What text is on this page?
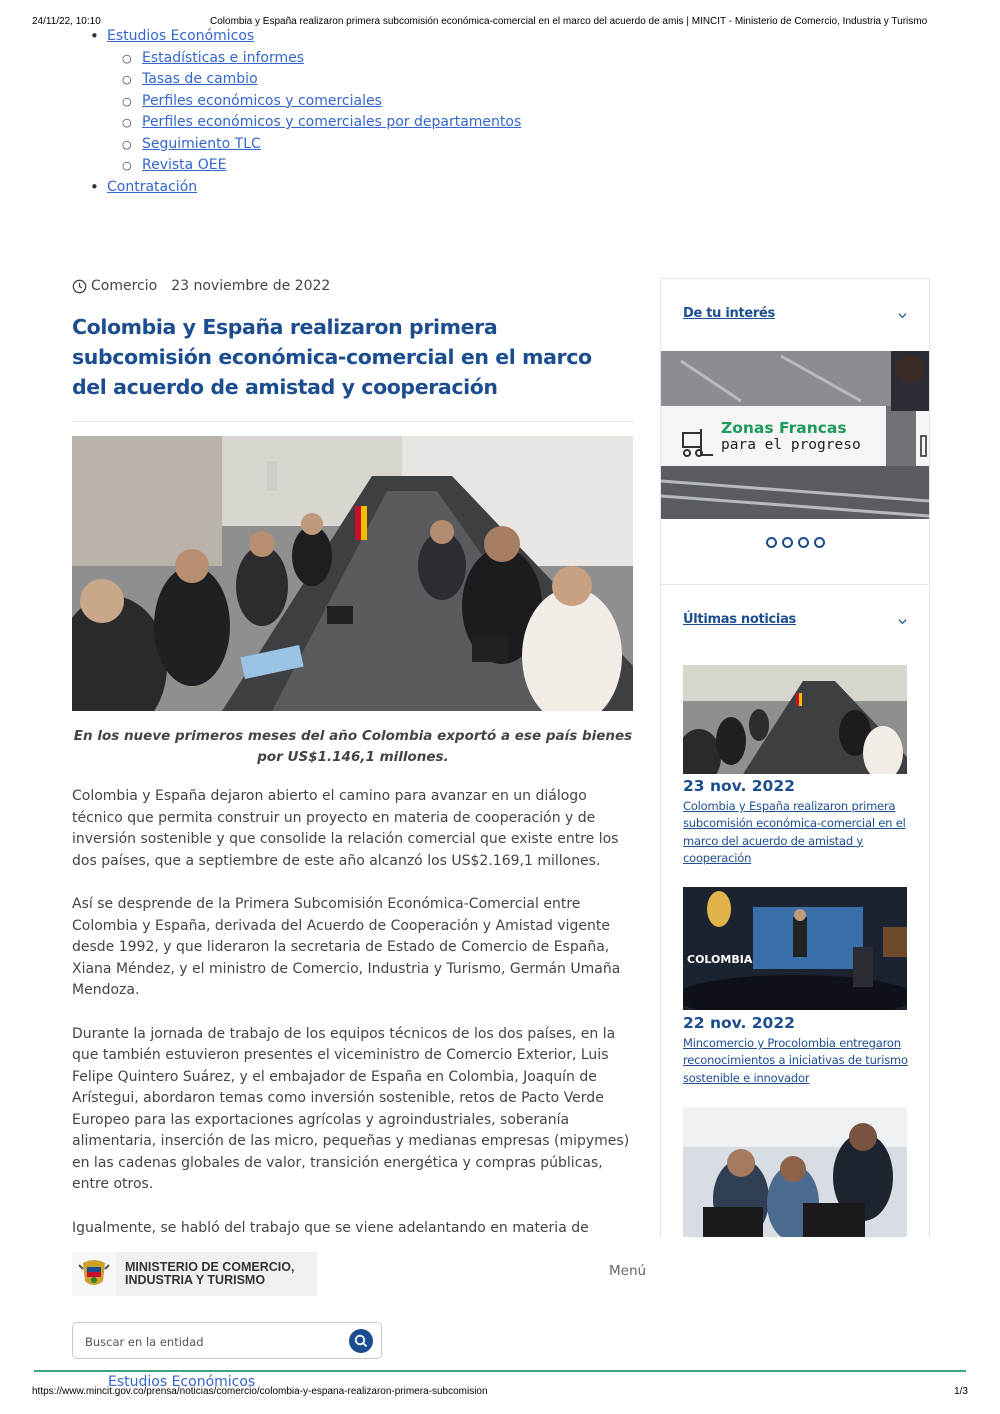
24/11/22, 10:10	Colombia y España realizaron primera subcomisión económica-comercial en el marco del acuerdo de amis | MINCIT - Ministerio de Comercio, Industria y Turismo
• Estudios Económicos
○ Estadísticas e informes
○ Tasas de cambio
○ Perfiles económicos y comerciales
○ Perfiles económicos y comerciales por departamentos
○ Seguimiento TLC
○ Revista OEE
• Contratación
Comercio 23 noviembre de 2022
Colombia y España realizaron primera subcomisión económica-comercial en el marco del acuerdo de amistad y cooperación

En los nueve primeros meses del año Colombia exportó a ese país bienes por US$1.146,1 millones.

Colombia y España dejaron abierto el camino para avanzar en un diálogo técnico que permita construir un proyecto en materia de cooperación y de inversión sostenible y que consolide la relación comercial que existe entre los dos países, que a septiembre de este año alcanzó los US$2.169,1 millones.

Así se desprende de la Primera Subcomisión Económica-Comercial entre Colombia y España, derivada del Acuerdo de Cooperación y Amistad vigente desde 1992, y que lideraron la secretaria de Estado de Comercio de España, Xiana Méndez, y el ministro de Comercio, Industria y Turismo, Germán Umaña Mendoza.

Durante la jornada de trabajo de los equipos técnicos de los dos países, en la que también estuvieron presentes el viceministro de Comercio Exterior, Luis Felipe Quintero Suárez, y el embajador de España en Colombia, Joaquín de Arístegui, abordaron temas como inversión sostenible, retos de Pacto Verde Europeo para las exportaciones agrícolas y agroindustriales, soberanía alimentaria, inserción de las micro, pequeñas y medianas empresas (mipymes) en las cadenas globales de valor, transición energética y compras públicas, entre otros.

Igualmente, se habló del trabajo que se viene adelantando en materia de

De tu interés
Zonas Francas
para el progreso
Últimas noticias
23 nov. 2022
Colombia y España realizaron primera subcomisión económica-comercial en el marco del acuerdo de amistad y cooperación
COLOMBIA
22 nov. 2022
Mincomercio y Procolombia entregaron reconocimientos a iniciativas de turismo sostenible e innovador
MINISTERIO DE COMERCIO,
INDUSTRIA Y TURISMO
Menú
Buscar en la entidad
Estudios Económicos
https://www.mincit.gov.co/prensa/noticias/comercio/colombia-y-espana-realizaron-primera-subcomision	1/3
